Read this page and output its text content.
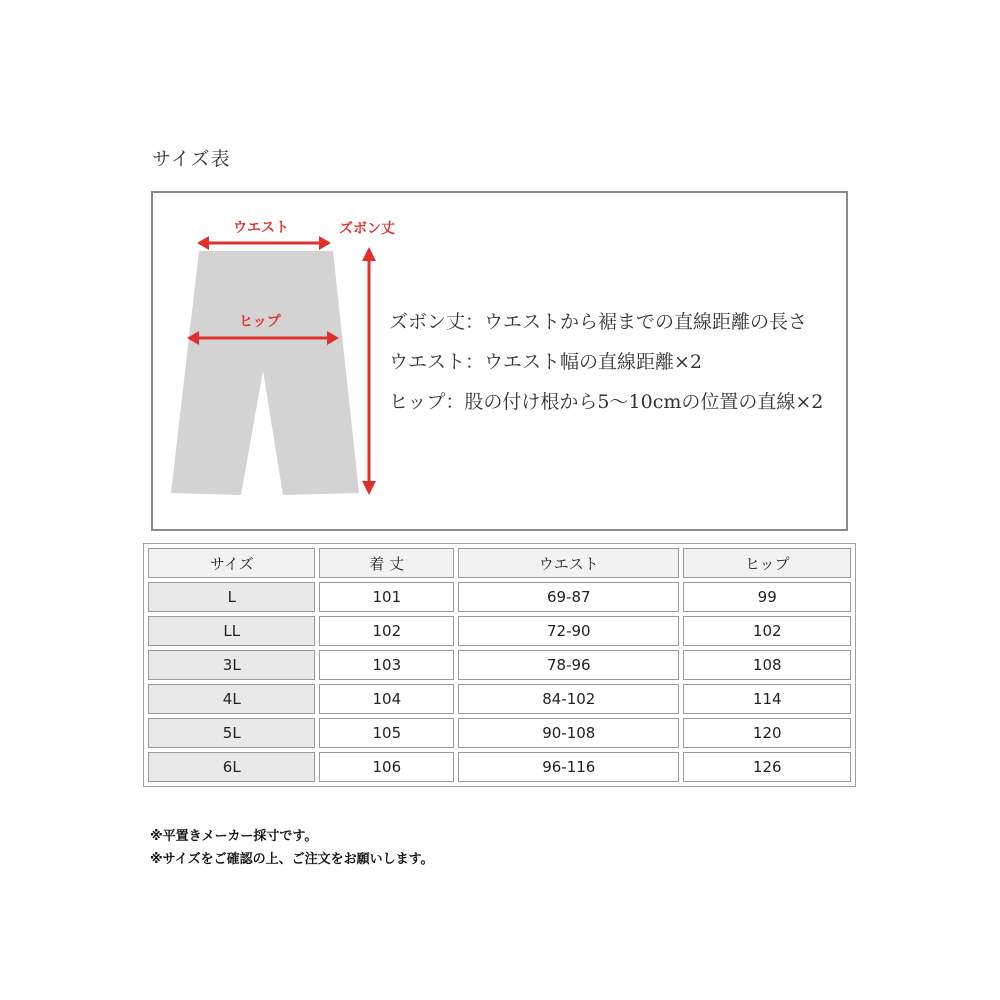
サイズ表
ウエスト	ズボン丈
ヒップ	ズボン丈：ウエストから裾までの直線距離の長さ
ウエスト：ウエスト幅の直線距離×2
ヒップ：股の付け根から5～10cmの位置の直線×2
サイズ	着 丈	ウエスト	ヒップ
L	101	69-87	99
LL	102	72-90	102
3L	103	78-96	108
4L	104	84-102	114
5L	105	90-108	120
6L	106	96-116	126
※平置きメーカー採寸です。
※サイズをご確認の上、ご注文をお願いします。
